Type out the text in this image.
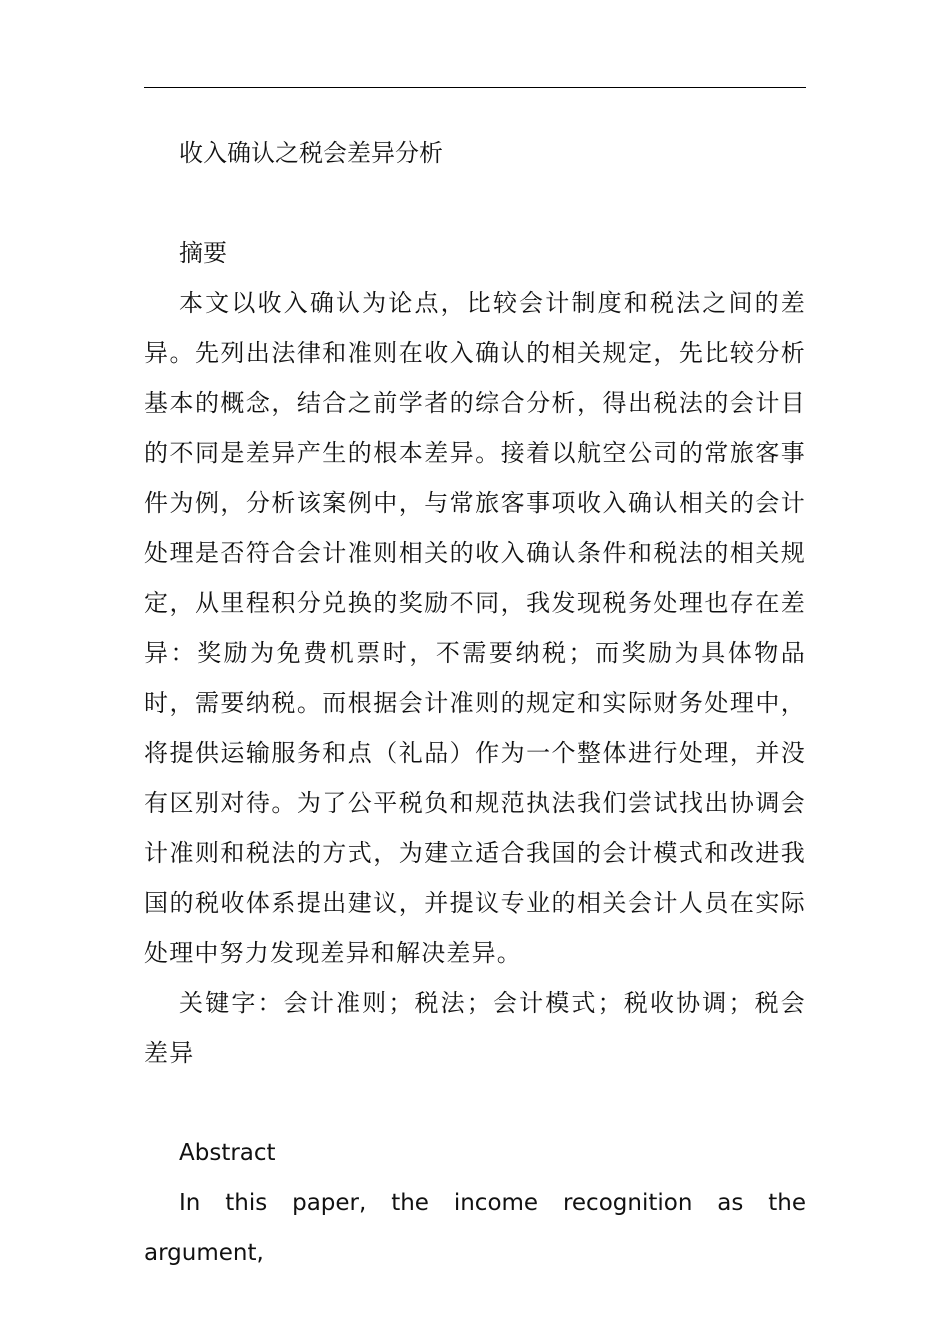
收入确认之税会差异分析

摘要

本文以收入确认为论点，比较会计制度和税法之间的差异。先列出法律和准则在收入确认的相关规定，先比较分析基本的概念，结合之前学者的综合分析，得出税法的会计目的不同是差异产生的根本差异。接着以航空公司的常旅客事件为例，分析该案例中，与常旅客事项收入确认相关的会计处理是否符合会计准则相关的收入确认条件和税法的相关规定，从里程积分兑换的奖励不同，我发现税务处理也存在差异：奖励为免费机票时，不需要纳税；而奖励为具体物品时，需要纳税。而根据会计准则的规定和实际财务处理中，将提供运输服务和点（礼品）作为一个整体进行处理，并没有区别对待。为了公平税负和规范执法我们尝试找出协调会计准则和税法的方式，为建立适合我国的会计模式和改进我国的税收体系提出建议，并提议专业的相关会计人员在实际处理中努力发现差异和解决差异。

关键字：会计准则；税法；会计模式；税收协调；税会差异

Abstract

In this paper, the income recognition as the argument,
